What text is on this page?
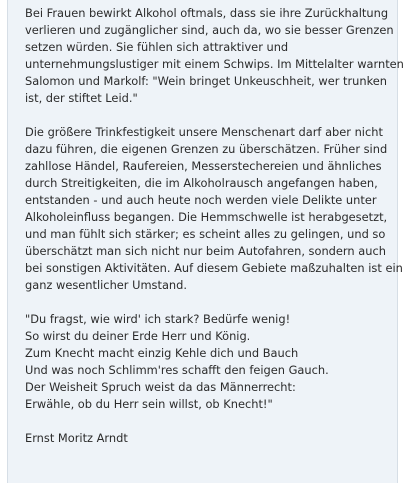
Bei Frauen bewirkt Alkohol oftmals, dass sie ihre Zurückhaltung
verlieren und zugänglicher sind, auch da, wo sie besser Grenzen
setzen würden. Sie fühlen sich attraktiver und
unternehmungslustiger mit einem Schwips. Im Mittelalter warnten
Salomon und Markolf: "Wein bringet Unkeuschheit, wer trunken
ist, der stiftet Leid."
Die größere Trinkfestigkeit unsere Menschenart darf aber nicht
dazu führen, die eigenen Grenzen zu überschätzen. Früher sind
zahllose Händel, Raufereien, Messerstechereien und ähnliches
durch Streitigkeiten, die im Alkoholrausch angefangen haben,
entstanden - und auch heute noch werden viele Delikte unter
Alkoholeinfluss begangen. Die Hemmschwelle ist herabgesetzt,
und man fühlt sich stärker; es scheint alles zu gelingen, und so
überschätzt man sich nicht nur beim Autofahren, sondern auch
bei sonstigen Aktivitäten. Auf diesem Gebiete maßzuhalten ist ein
ganz wesentlicher Umstand.
"Du fragst, wie wird' ich stark? Bedürfe wenig!
So wirst du deiner Erde Herr und König.
Zum Knecht macht einzig Kehle dich und Bauch
Und was noch Schlimm'res schafft den feigen Gauch.
Der Weisheit Spruch weist da das Männerrecht:
Erwähle, ob du Herr sein willst, ob Knecht!"
Ernst Moritz Arndt
